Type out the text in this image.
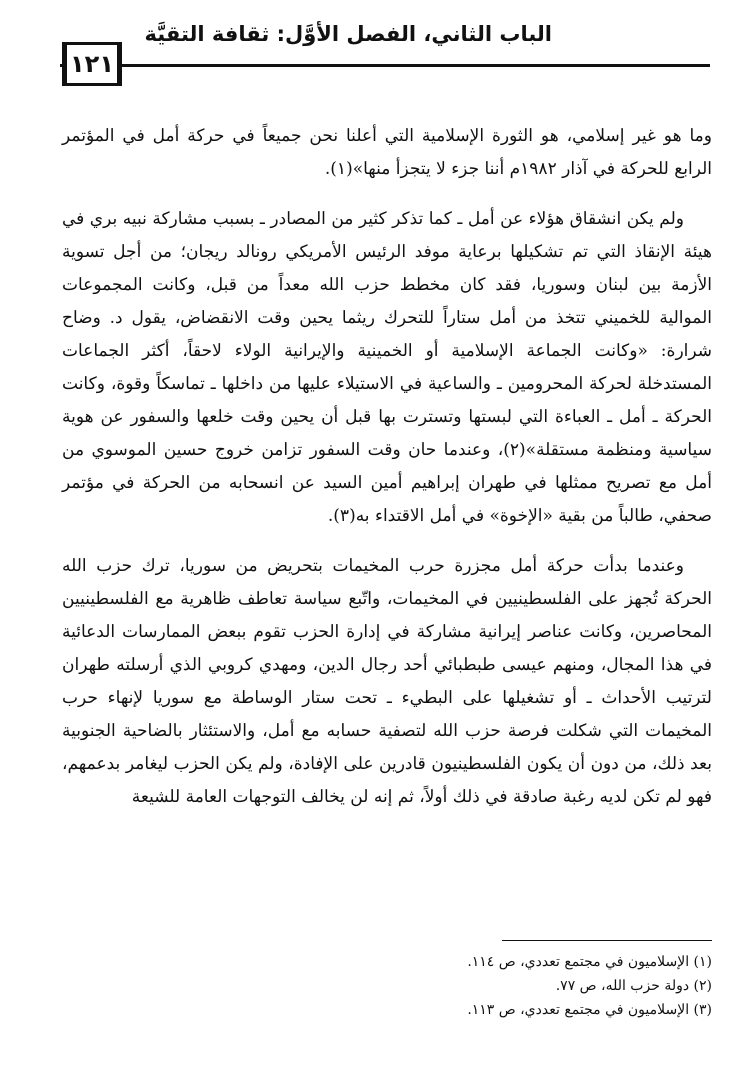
الباب الثاني، الفصل الأوَّل: ثقافة التقيَّة
١٢١

وما هو غير إسلامي، هو الثورة الإسلامية التي أعلنا نحن جميعاً في حركة أمل في المؤتمر الرابع للحركة في آذار ١٩٨٢م أننا جزء لا يتجزأ منها»(١).

ولم يكن انشقاق هؤلاء عن أمل ـ كما تذكر كثير من المصادر ـ بسبب مشاركة نبيه بري في هيئة الإنقاذ التي تم تشكيلها برعاية موفد الرئيس الأمريكي رونالد ريجان؛ من أجل تسوية الأزمة بين لبنان وسوريا، فقد كان مخطط حزب الله معداً من قبل، وكانت المجموعات الموالية للخميني تتخذ من أمل ستاراً للتحرك ريثما يحين وقت الانقضاض، يقول د. وضاح شرارة: «وكانت الجماعة الإسلامية أو الخمينية والإيرانية الولاء لاحقاً، أكثر الجماعات المستدخلة لحركة المحرومين ـ والساعية في الاستيلاء عليها من داخلها ـ تماسكاً وقوة، وكانت الحركة ـ أمل ـ العباءة التي لبستها وتسترت بها قبل أن يحين وقت خلعها والسفور عن هوية سياسية ومنظمة مستقلة»(٢)، وعندما حان وقت السفور تزامن خروج حسين الموسوي من أمل مع تصريح ممثلها في طهران إبراهيم أمين السيد عن انسحابه من الحركة في مؤتمر صحفي، طالباً من بقية «الإخوة» في أمل الاقتداء به(٣).

وعندما بدأت حركة أمل مجزرة حرب المخيمات بتحريض من سوريا، ترك حزب الله الحركة تُجهز على الفلسطينيين في المخيمات، واتّبع سياسة تعاطف ظاهرية مع الفلسطينيين المحاصرين، وكانت عناصر إيرانية مشاركة في إدارة الحزب تقوم ببعض الممارسات الدعائية في هذا المجال، ومنهم عيسى طبطبائي أحد رجال الدين، ومهدي كروبي الذي أرسلته طهران لترتيب الأحداث ـ أو تشغيلها على البطيء ـ تحت ستار الوساطة مع سوريا لإنهاء حرب المخيمات التي شكلت فرصة حزب الله لتصفية حسابه مع أمل، والاستئثار بالضاحية الجنوبية بعد ذلك، من دون أن يكون الفلسطينيون قادرين على الإفادة، ولم يكن الحزب ليغامر بدعمهم، فهو لم تكن لديه رغبة صادقة في ذلك أولاً، ثم إنه لن يخالف التوجهات العامة للشيعة

(١) الإسلاميون في مجتمع تعددي، ص ١١٤.
(٢) دولة حزب الله، ص ٧٧.
(٣) الإسلاميون في مجتمع تعددي، ص ١١٣.
